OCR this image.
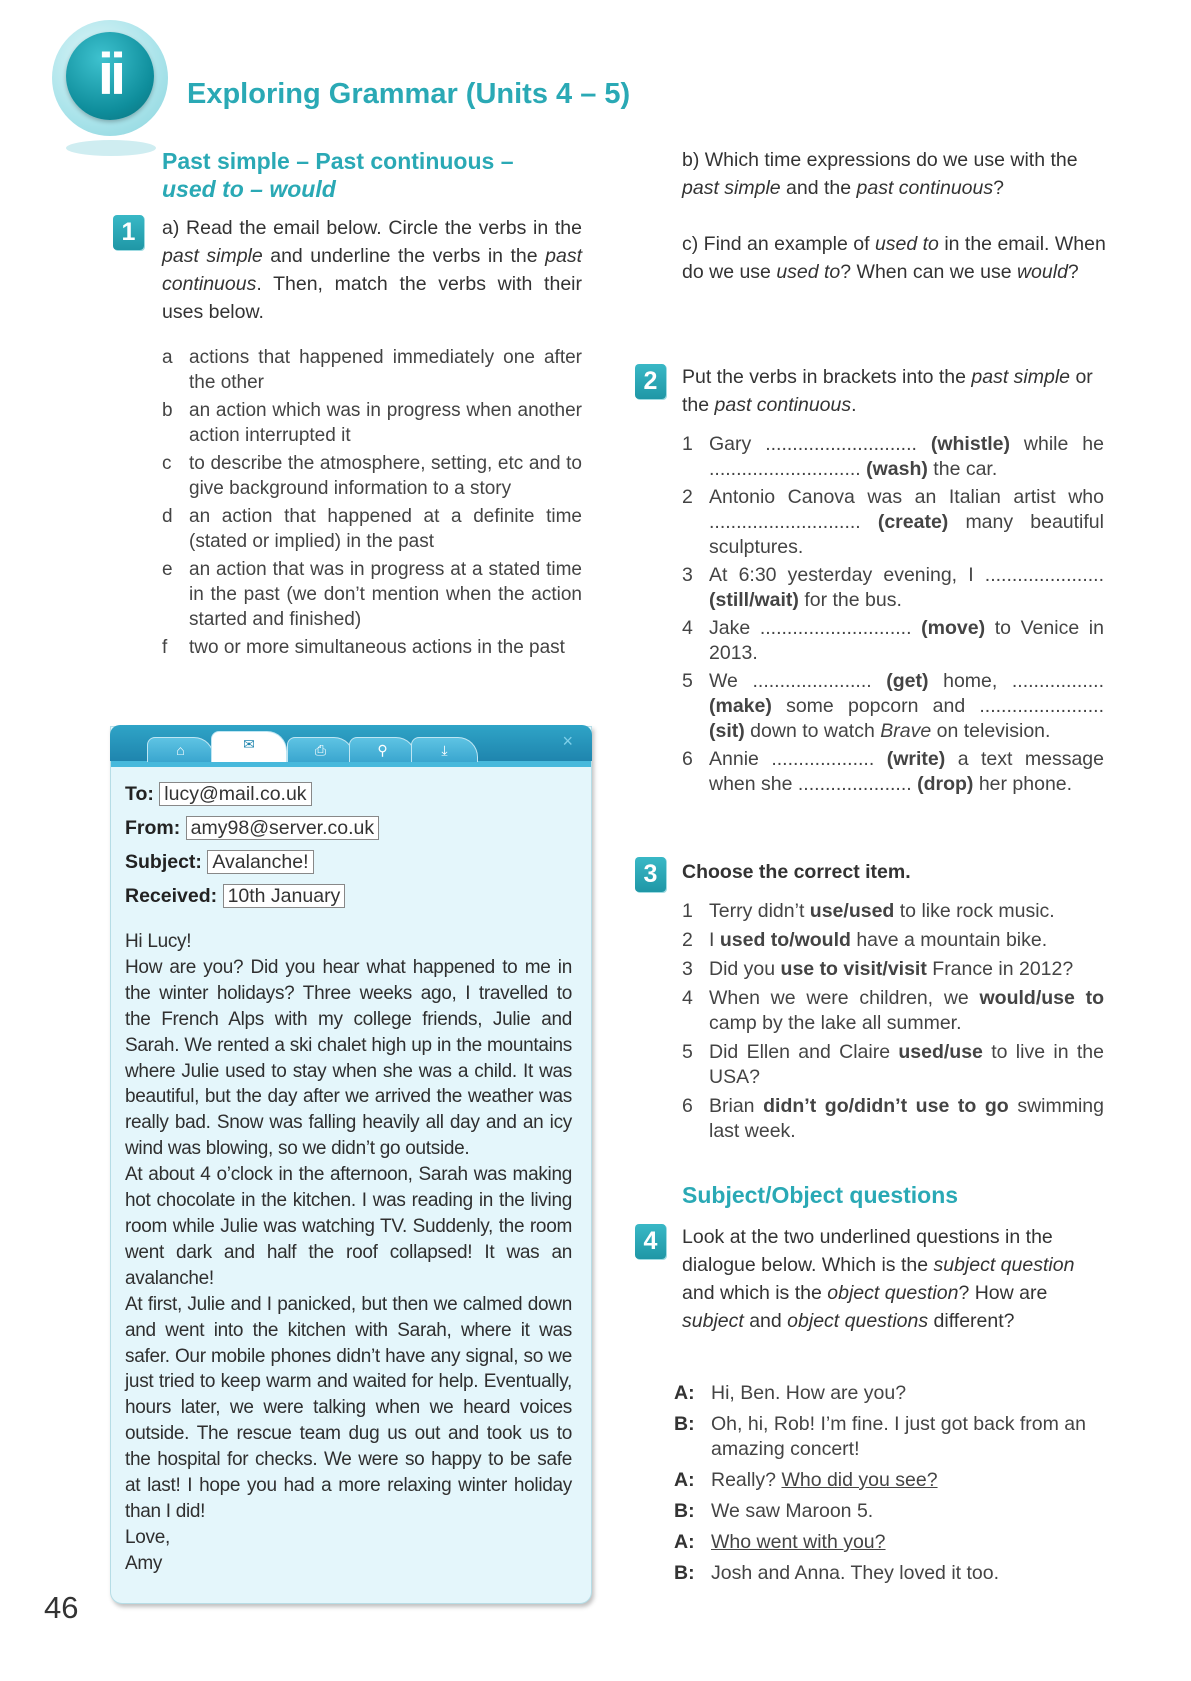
ii	Exploring Grammar (Units 4 – 5)
Past simple – Past continuous –
used to – would
1	a) Read the email below. Circle the verbs in the past simple and underline the verbs in the past continuous. Then, match the verbs with their uses below.

a actions that happened immediately one after the other
b an action which was in progress when another action interrupted it
c to describe the atmosphere, setting, etc and to give background information to a story
d an action that happened at a definite time (stated or implied) in the past
e an action that was in progress at a stated time in the past (we don’t mention when the action started and finished)
f	two or more simultaneous actions in the past
⌂	✉	⎙	⚲	⤓	×
To: lucy@mail.co.uk
From: amy98@server.co.uk
Subject: Avalanche!
Received: 10th January

Hi Lucy!

How are you? Did you hear what happened to me in the winter holidays? Three weeks ago, I travelled to the French Alps with my college friends, Julie and Sarah. We rented a ski chalet high up in the mountains where Julie used to stay when she was a child. It was beautiful, but the day after we arrived the weather was really bad. Snow was falling heavily all day and an icy wind was blowing, so we didn’t go outside.

At about 4 o’clock in the afternoon, Sarah was making hot chocolate in the kitchen. I was reading in the living room while Julie was watching TV. Suddenly, the room went dark and half the roof collapsed! It was an avalanche!

At first, Julie and I panicked, but then we calmed down and went into the kitchen with Sarah, where it was safer. Our mobile phones didn’t have any signal, so we just tried to keep warm and waited for help. Eventually, hours later, we were talking when we heard voices outside. The rescue team dug us out and took us to the hospital for checks. We were so happy to be safe at last! I hope you had a more relaxing winter holiday than I did!

Love,

Amy

46

b) Which time expressions do we use with the past simple and the past continuous?

c) Find an example of used to in the email. When do we use used to? When can we use would?

2	Put the verbs in brackets into the past simple or the past continuous.

1 Gary ............................ (whistle) while he ............................ (wash) the car.
2 Antonio Canova was an Italian artist who ............................ (create) many beautiful sculptures.
3 At 6:30 yesterday evening, I ...................... (still/wait) for the bus.
4 Jake ............................ (move) to Venice in 2013.
5 We ...................... (get) home, ................. (make) some popcorn and ....................... (sit) down to watch Brave on television.
6 Annie ................... (write) a text message when she ..................... (drop) her phone.
3	Choose the correct item.
1 Terry didn’t use/used to like rock music.
2 I used to/would have a mountain bike.
3 Did you use to visit/visit France in 2012?
4 When we were children, we would/use to camp by the lake all summer.
5 Did Ellen and Claire used/use to live in the USA?
6 Brian didn’t go/didn’t use to go swimming last week.
Subject/Object questions
4	Look at the two underlined questions in the dialogue below. Which is the subject question and which is the object question? How are subject and object questions different?

A: Hi, Ben. How are you?
B: Oh, hi, Rob! I’m fine. I just got back from an amazing concert!
A: Really? Who did you see?
B: We saw Maroon 5.
A: Who went with you?
B: Josh and Anna. They loved it too.
